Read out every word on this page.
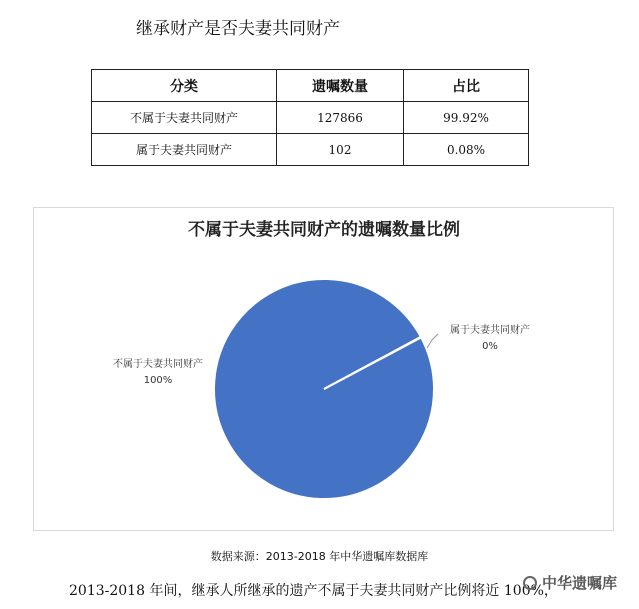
继承财产是否夫妻共同财产
分类	遗嘱数量	占比
不属于夫妻共同财产	127866	99.92%
属于夫妻共同财产	102	0.08%
不属于夫妻共同财产的遗嘱数量比例
不属于夫妻共同财产
100%
属于夫妻共同财产
0%
数据来源：2013-2018 年中华遗嘱库数据库
2013-2018 年间，继承人所继承的遗产不属于夫妻共同财产比例将近 100%，
中华遗嘱库
